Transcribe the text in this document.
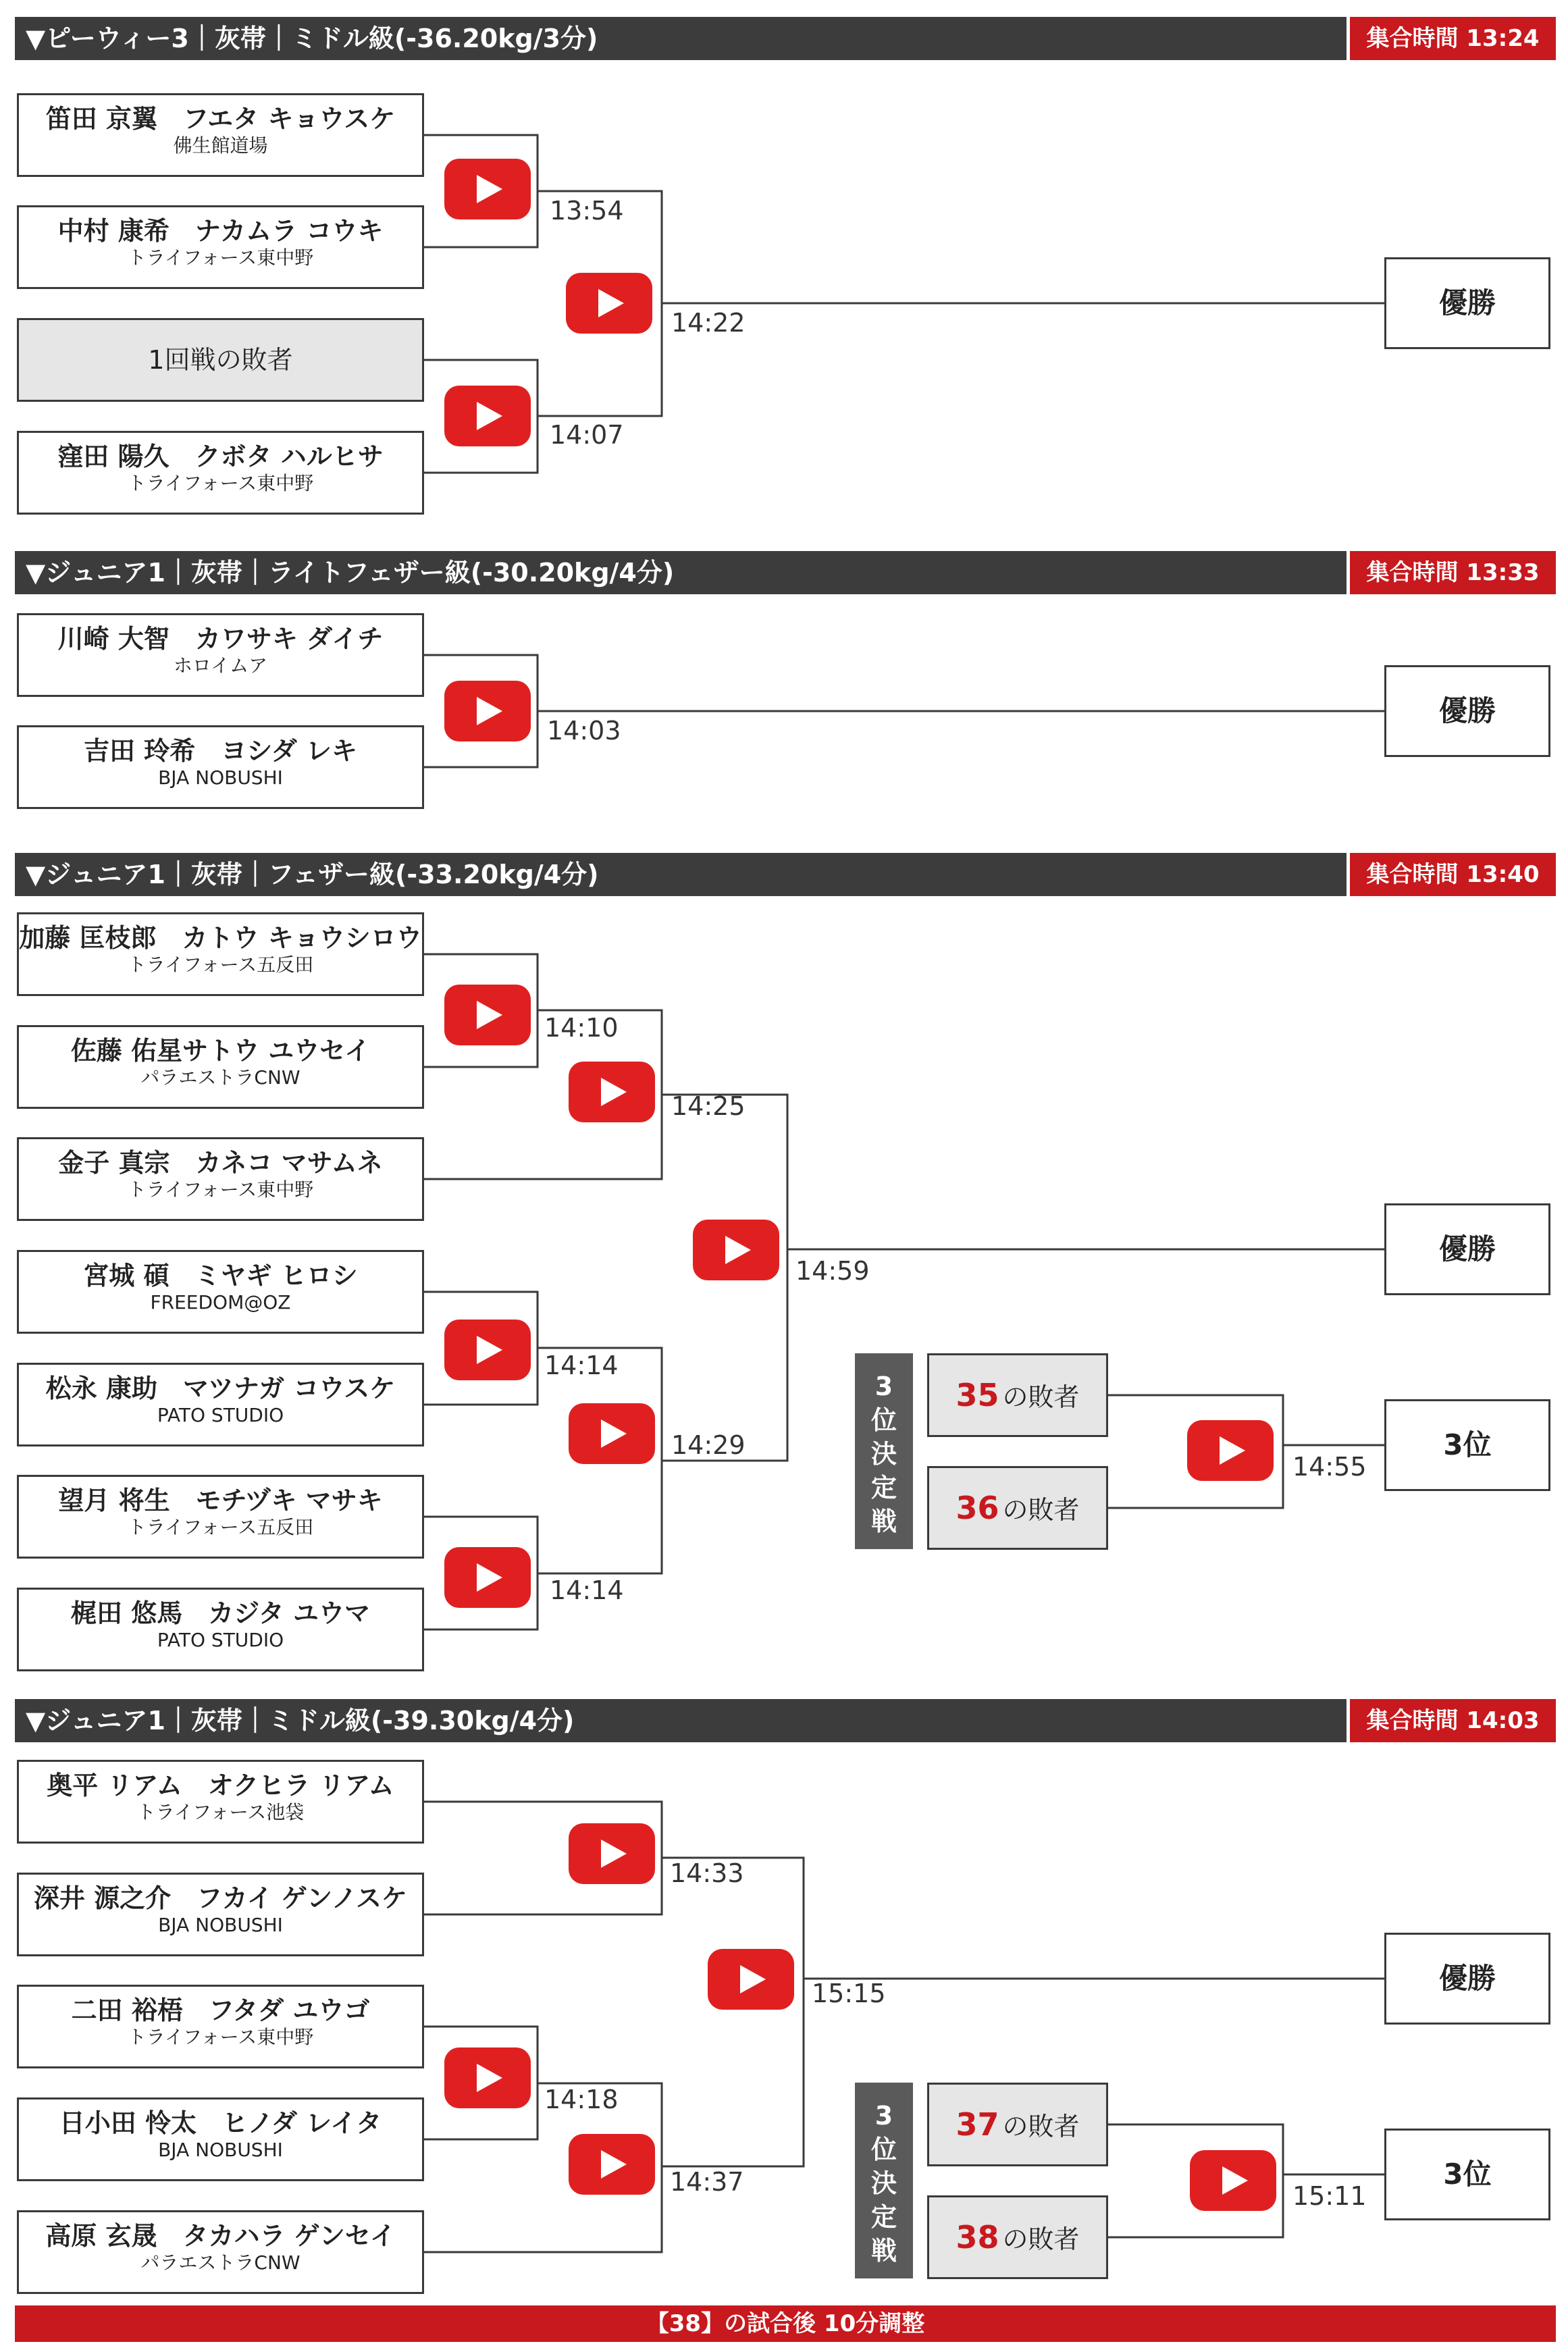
▼ピーウィー3｜灰帯｜ミドル級(-36.20kg/3分)	集合時間 13:24
笛田 京翼　フエタ キョウスケ
佛生館道場
中村 康希　ナカムラ コウキ
トライフォース東中野
1回戦の敗者
窪田 陽久　クボタ ハルヒサ
トライフォース東中野
13:54
14:07
14:22
優勝
▼ジュニア1｜灰帯｜ライトフェザー級(-30.20kg/4分)	集合時間 13:33
川崎 大智　カワサキ ダイチ
ホロイムア
吉田 玲希　ヨシダ レキ
BJA NOBUSHI
14:03
優勝
▼ジュニア1｜灰帯｜フェザー級(-33.20kg/4分)	集合時間 13:40
加藤 匡枝郎　カトウ キョウシロウ
トライフォース五反田
佐藤 佑星サトウ ユウセイ
パラエストラCNW
金子 真宗　カネコ マサムネ
トライフォース東中野
宮城 碩　ミヤギ ヒロシ
FREEDOM@OZ
松永 康助　マツナガ コウスケ
PATO STUDIO
望月 将生　モチヅキ マサキ
トライフォース五反田
梶田 悠馬　カジタ ユウマ
PATO STUDIO
14:10
14:25
14:14
14:29
14:14
14:59
14:55
優勝
3位
3
位
決
定
戦
35 の敗者
36 の敗者
▼ジュニア1｜灰帯｜ミドル級(-39.30kg/4分)	集合時間 14:03
奥平 リアム　オクヒラ リアム
トライフォース池袋
深井 源之介　フカイ ゲンノスケ
BJA NOBUSHI
二田 裕梧　フタダ ユウゴ
トライフォース東中野
日小田 怜太　ヒノダ レイタ
BJA NOBUSHI
高原 玄晟　タカハラ ゲンセイ
パラエストラCNW
14:33
14:18
14:37
15:15
15:11
優勝
3位
3
位
決
定
戦
37 の敗者
38 の敗者
【38】の試合後 10分調整
